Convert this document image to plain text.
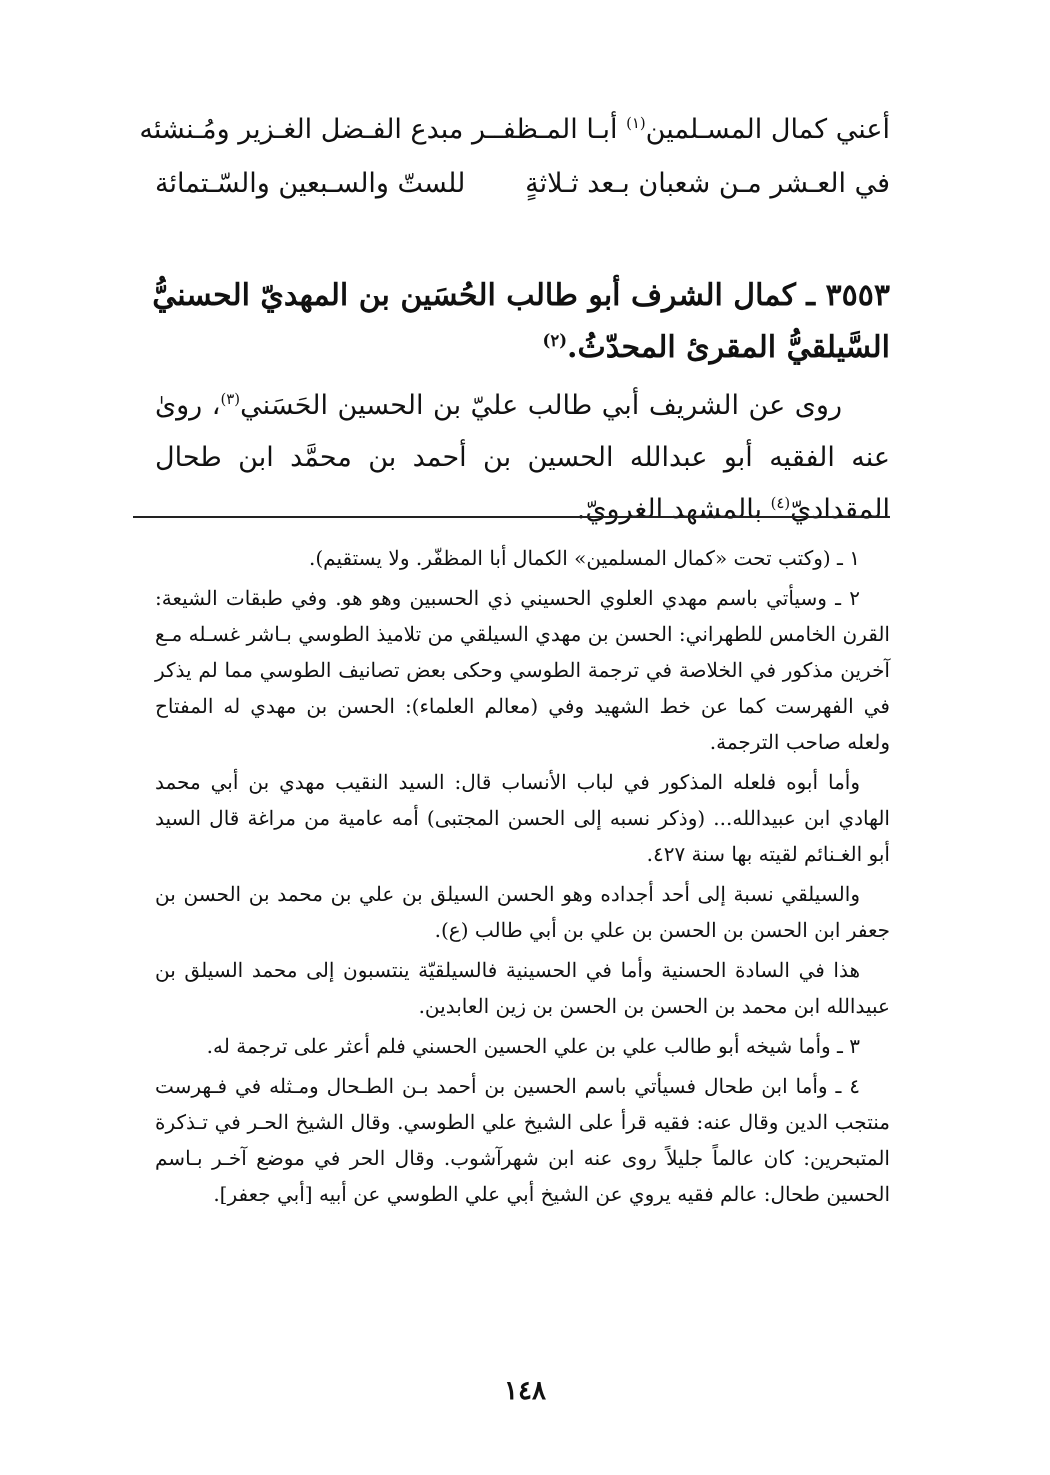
أعني كمال المسـلمين$^{(١)}$ أبـا المـظفـ
ـر مبدع الفـضل الغـزير ومُـنشئه
في العـشر مـن شعبان بـعد ثـلاثةٍ
للستّ والسـبعين والسّـتمائة
٣٥٥٣ ـ كمال الشرف أبو طالب الحُسَين بن المهديّ الحسنيُّ السَّيلقيُّ المقرئ المحدّثُ.$^{(٢)}$
روى عن الشريف أبي طالب عليّ بن الحسين الحَسَني$^{(٣)}$، روىٰ عنه الفقيه أبو عبدالله الحسين بن أحمد بن محمَّد ابن طحال المقداديّ$^{(٤)}$ بالمشهد الغرويّ.

١ ـ (وكتب تحت «كمال المسلمين» الكمال أبا المظفّر. ولا يستقيم).

٢ ـ وسيأتي باسم مهدي العلوي الحسيني ذي الحسبين وهو هو. وفي طبقات الشيعة: القرن الخامس للطهراني: الحسن بن مهدي السيلقي من تلاميذ الطوسي بـاشر غسـله مـع آخرين مذكور في الخلاصة في ترجمة الطوسي وحكى بعض تصانيف الطوسي مما لم يذكر في الفهرست كما عن خط الشهيد وفي (معالم العلماء): الحسن بن مهدي له المفتاح ولعله صاحب الترجمة.

وأما أبوه فلعله المذكور في لباب الأنساب قال: السيد النقيب مهدي بن أبي محمد الهادي ابن عبيدالله... (وذكر نسبه إلى الحسن المجتبى) أمه عامية من مراغة قال السيد أبو الغـنائم لقيته بها سنة ٤٢٧.

والسيلقي نسبة إلى أحد أجداده وهو الحسن السيلق بن علي بن محمد بن الحسن بن جعفر ابن الحسن بن الحسن بن علي بن أبي طالب (ع).

هذا في السادة الحسنية وأما في الحسينية فالسيلقيّة ينتسبون إلى محمد السيلق بن عبيدالله ابن محمد بن الحسن بن الحسن بن زين العابدين.

٣ ـ وأما شيخه أبو طالب علي بن علي الحسين الحسني فلم أعثر على ترجمة له.

٤ ـ وأما ابن طحال فسيأتي باسم الحسين بن أحمد بـن الطـحال ومـثله في فـهرست منتجب الدين وقال عنه: فقيه قرأ على الشيخ علي الطوسي. وقال الشيخ الحـر في تـذكرة المتبحرين: كان عالماً جليلاً روى عنه ابن شهرآشوب. وقال الحر في موضع آخـر بـاسم الحسين طحال: عالم فقيه يروي عن الشيخ أبي علي الطوسي عن أبيه [أبي جعفر].

١٤٨
